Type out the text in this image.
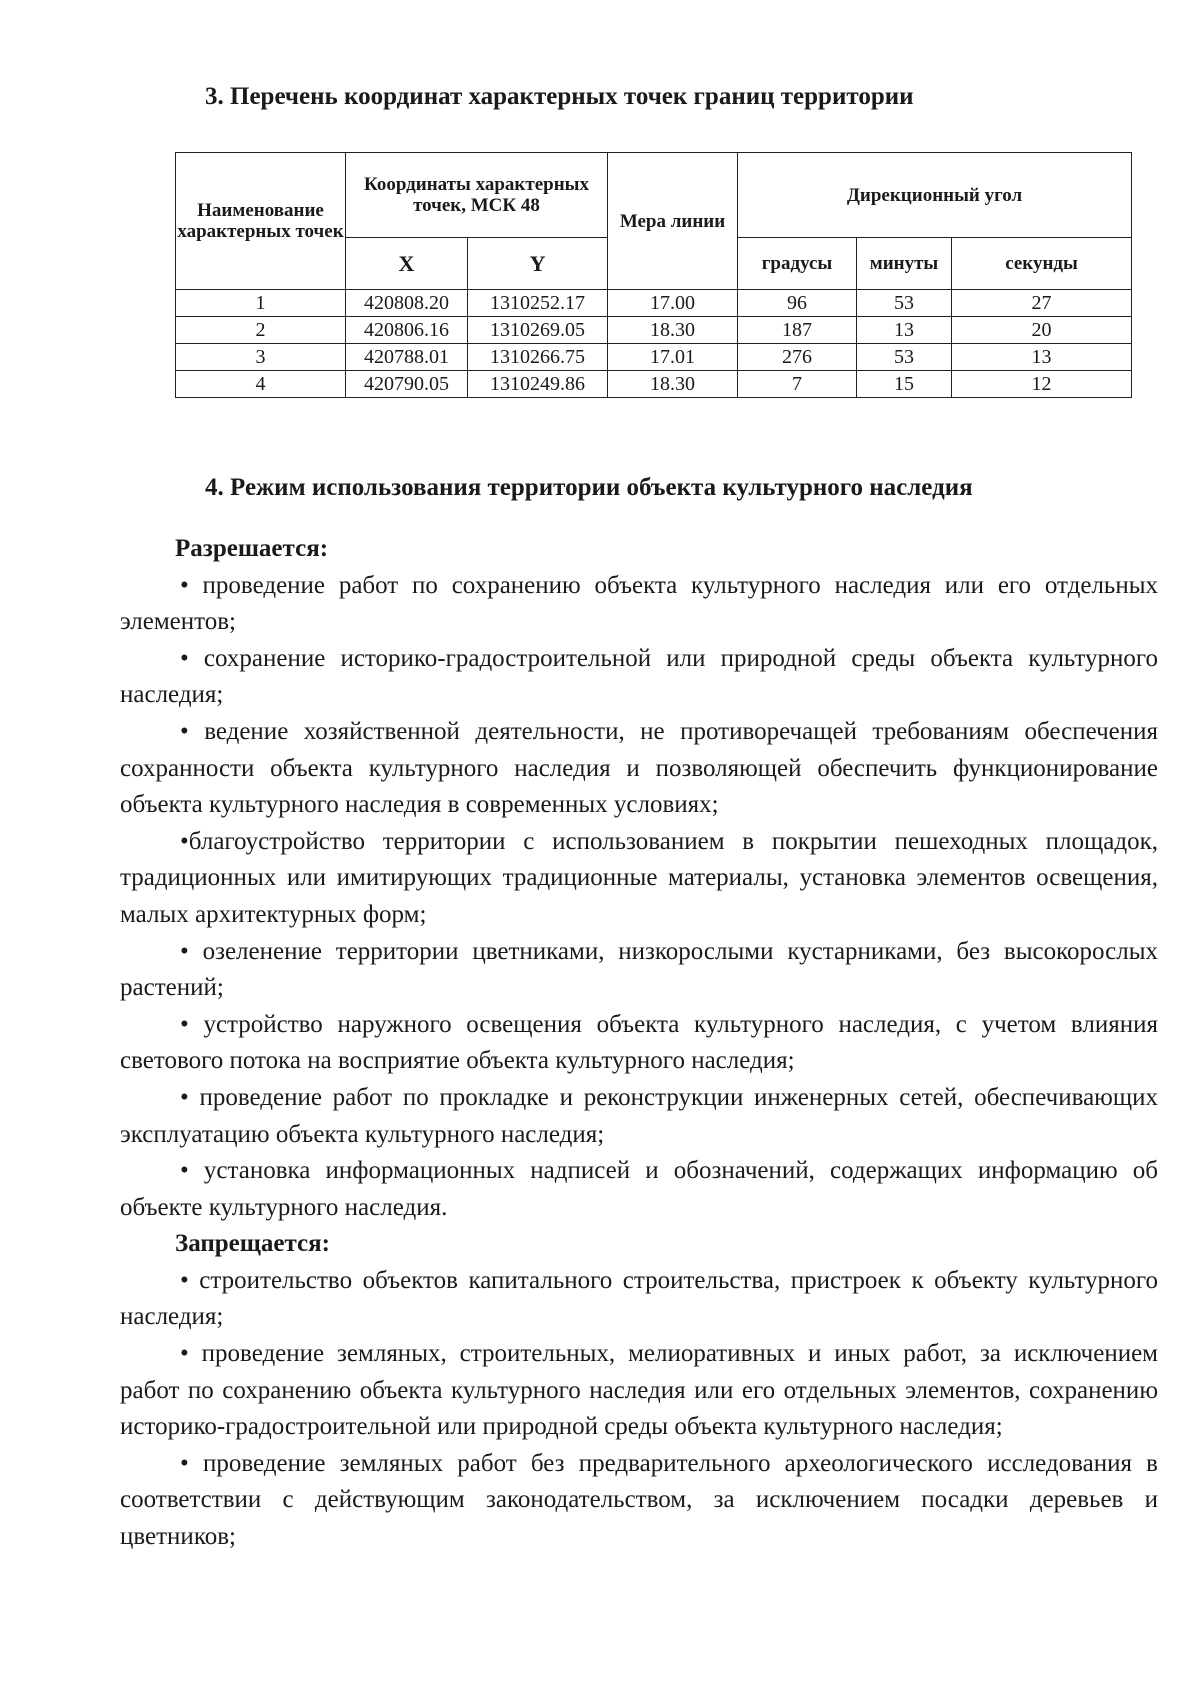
3. Перечень координат характерных точек границ территории
Наименование характерных точек	Координаты характерных точек, МСК 48		Мера линии	Дирекционный угол		
	X	Y		градусы	минуты	секунды
1	420808.20	1310252.17	17.00	96	53	27
2	420806.16	1310269.05	18.30	187	13	20
3	420788.01	1310266.75	17.01	276	53	13
4	420790.05	1310249.86	18.30	7	15	12
4. Режим использования территории объекта культурного наследия

Разрешается:

• проведение работ по сохранению объекта культурного наследия или его отдельных элементов;

• сохранение историко-градостроительной или природной среды объекта культурного наследия;

• ведение хозяйственной деятельности, не противоречащей требованиям обеспечения сохранности объекта культурного наследия и позволяющей обеспечить функционирование объекта культурного наследия в современных условиях;

•благоустройство территории с использованием в покрытии пешеходных площадок, традиционных или имитирующих традиционные материалы, установка элементов освещения, малых архитектурных форм;

• озеленение территории цветниками, низкорослыми кустарниками, без высокорослых растений;

• устройство наружного освещения объекта культурного наследия, с учетом влияния светового потока на восприятие объекта культурного наследия;

• проведение работ по прокладке и реконструкции инженерных сетей, обеспечивающих эксплуатацию объекта культурного наследия;

• установка информационных надписей и обозначений, содержащих информацию об объекте культурного наследия.

Запрещается:

• строительство объектов капитального строительства, пристроек к объекту культурного наследия;

• проведение земляных, строительных, мелиоративных и иных работ, за исключением работ по сохранению объекта культурного наследия или его отдельных элементов, сохранению историко-градостроительной или природной среды объекта культурного наследия;

• проведение земляных работ без предварительного археологического исследования в соответствии с действующим законодательством, за исключением посадки деревьев и цветников;
